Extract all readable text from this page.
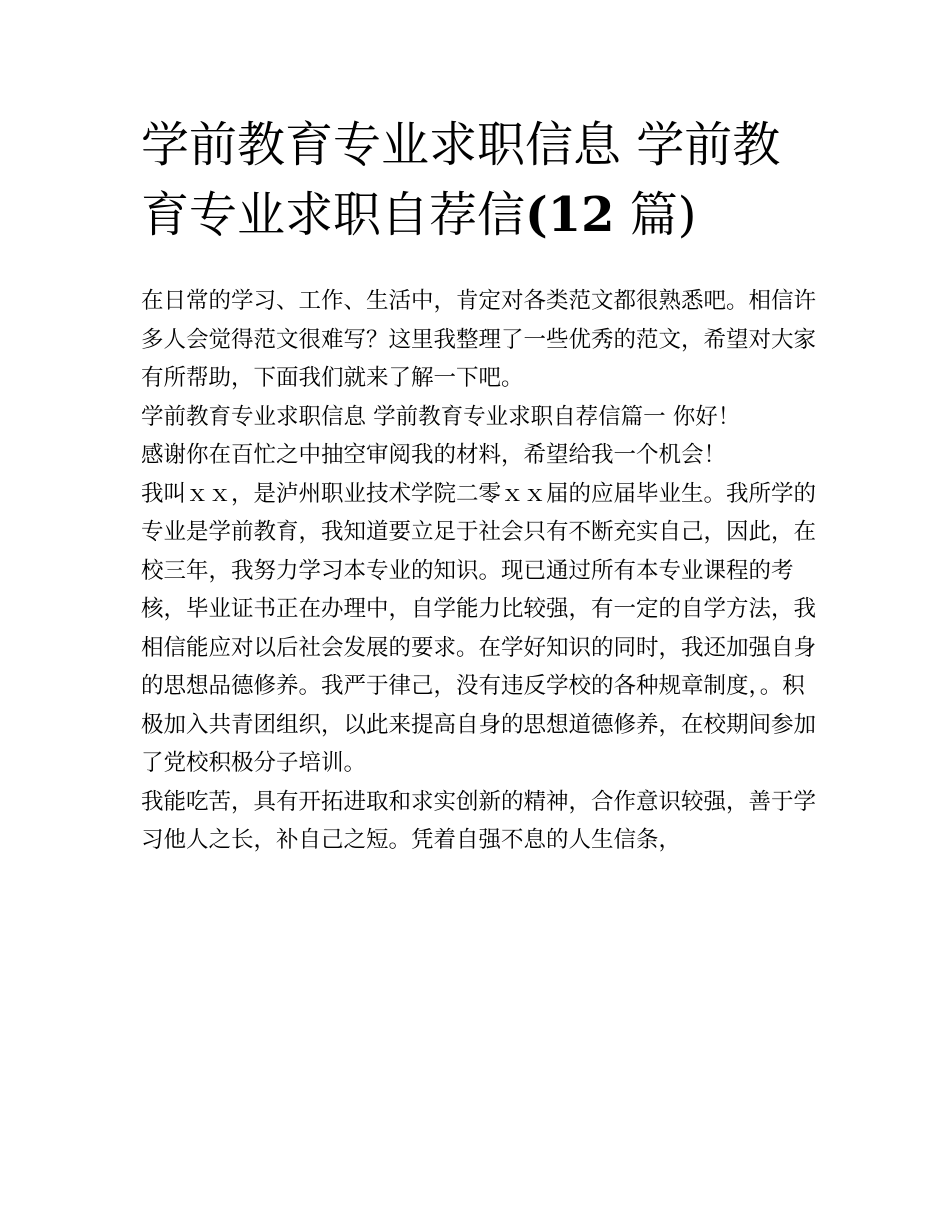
学前教育专业求职信息 学前教育专业求职自荐信(12 篇)

在日常的学习、工作、生活中，肯定对各类范文都很熟悉吧。相信许多人会觉得范文很难写？这里我整理了一些优秀的范文，希望对大家有所帮助，下面我们就来了解一下吧。

学前教育专业求职信息 学前教育专业求职自荐信篇一 你好！

感谢你在百忙之中抽空审阅我的材料，希望给我一个机会！

我叫ｘｘ，是泸州职业技术学院二零ｘｘ届的应届毕业生。我所学的专业是学前教育，我知道要立足于社会只有不断充实自己，因此，在校三年，我努力学习本专业的知识。现已通过所有本专业课程的考核，毕业证书正在办理中，自学能力比较强，有一定的自学方法，我相信能应对以后社会发展的要求。在学好知识的同时，我还加强自身的思想品德修养。我严于律己，没有违反学校的各种规章制度，。积极加入共青团组织，以此来提高自身的思想道德修养，在校期间参加了党校积极分子培训。

我能吃苦，具有开拓进取和求实创新的精神，合作意识较强，善于学习他人之长，补自己之短。凭着自强不息的人生信条，
